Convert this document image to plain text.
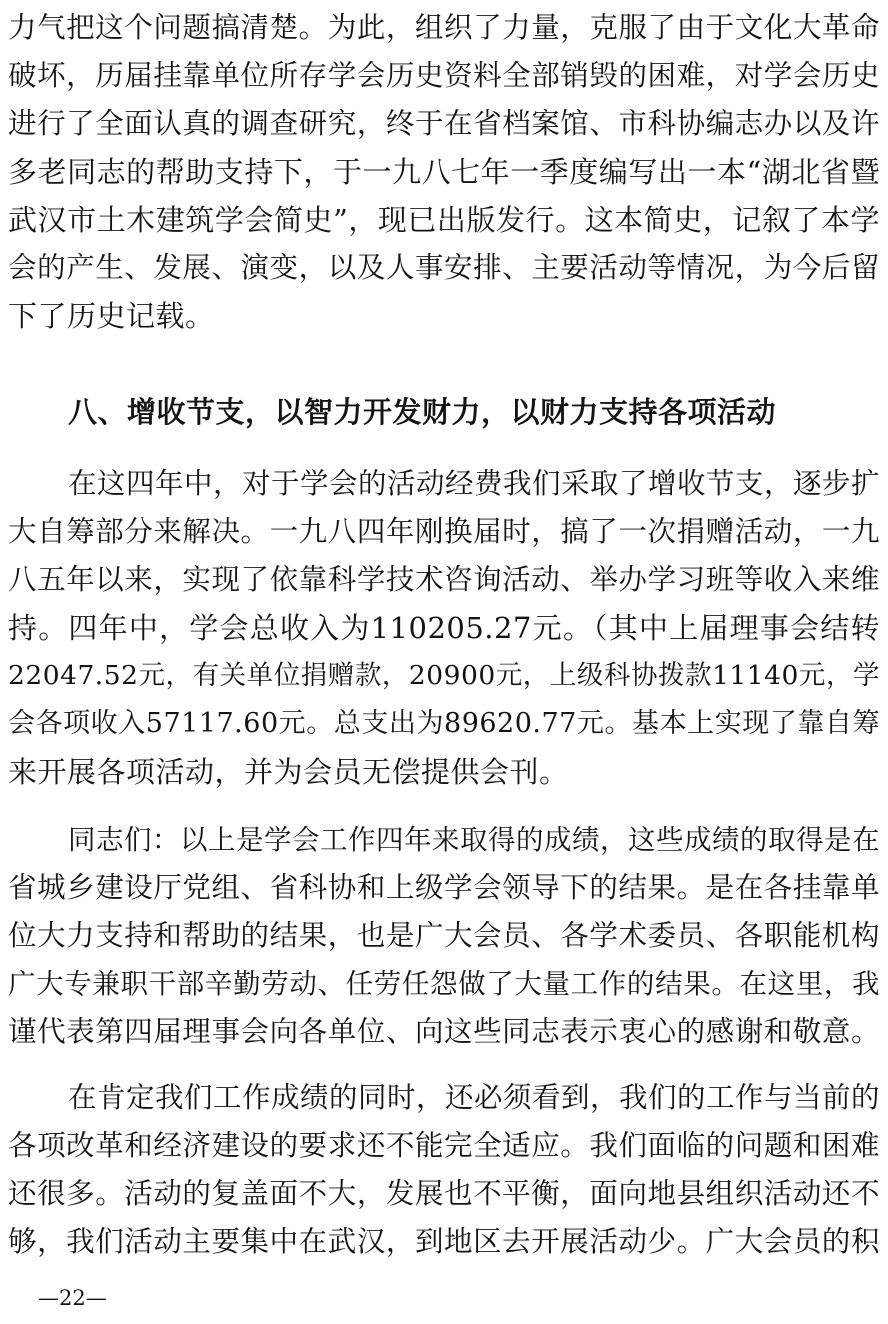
力气把这个问题搞清楚。为此，组织了力量，克服了由于文化大革命
破坏，历届挂靠单位所存学会历史资料全部销毁的困难，对学会历史
进行了全面认真的调查研究，终于在省档案馆、市科协编志办以及许
多老同志的帮助支持下，于一九八七年一季度编写出一本“湖北省暨
武汉市土木建筑学会简史”，现已出版发行。这本简史，记叙了本学
会的产生、发展、演变，以及人事安排、主要活动等情况，为今后留
下了历史记载。
八、增收节支，以智力开发财力，以财力支持各项活动
在这四年中，对于学会的活动经费我们采取了增收节支，逐步扩
大自筹部分来解决。一九八四年刚换届时，搞了一次捐赠活动，一九
八五年以来，实现了依靠科学技术咨询活动、举办学习班等收入来维
持。四年中，学会总收入为110205.27元。（其中上届理事会结转
22047.52元，有关单位捐赠款，20900元，上级科协拨款11140元，学
会各项收入57117.60元。总支出为89620.77元。基本上实现了靠自筹
来开展各项活动，并为会员无偿提供会刊。
同志们：以上是学会工作四年来取得的成绩，这些成绩的取得是在
省城乡建设厅党组、省科协和上级学会领导下的结果。是在各挂靠单
位大力支持和帮助的结果，也是广大会员、各学术委员、各职能机构
广大专兼职干部辛勤劳动、任劳任怨做了大量工作的结果。在这里，我
谨代表第四届理事会向各单位、向这些同志表示衷心的感谢和敬意。
在肯定我们工作成绩的同时，还必须看到，我们的工作与当前的
各项改革和经济建设的要求还不能完全适应。我们面临的问题和困难
还很多。活动的复盖面不大，发展也不平衡，面向地县组织活动还不
够，我们活动主要集中在武汉，到地区去开展活动少。广大会员的积
—22—
